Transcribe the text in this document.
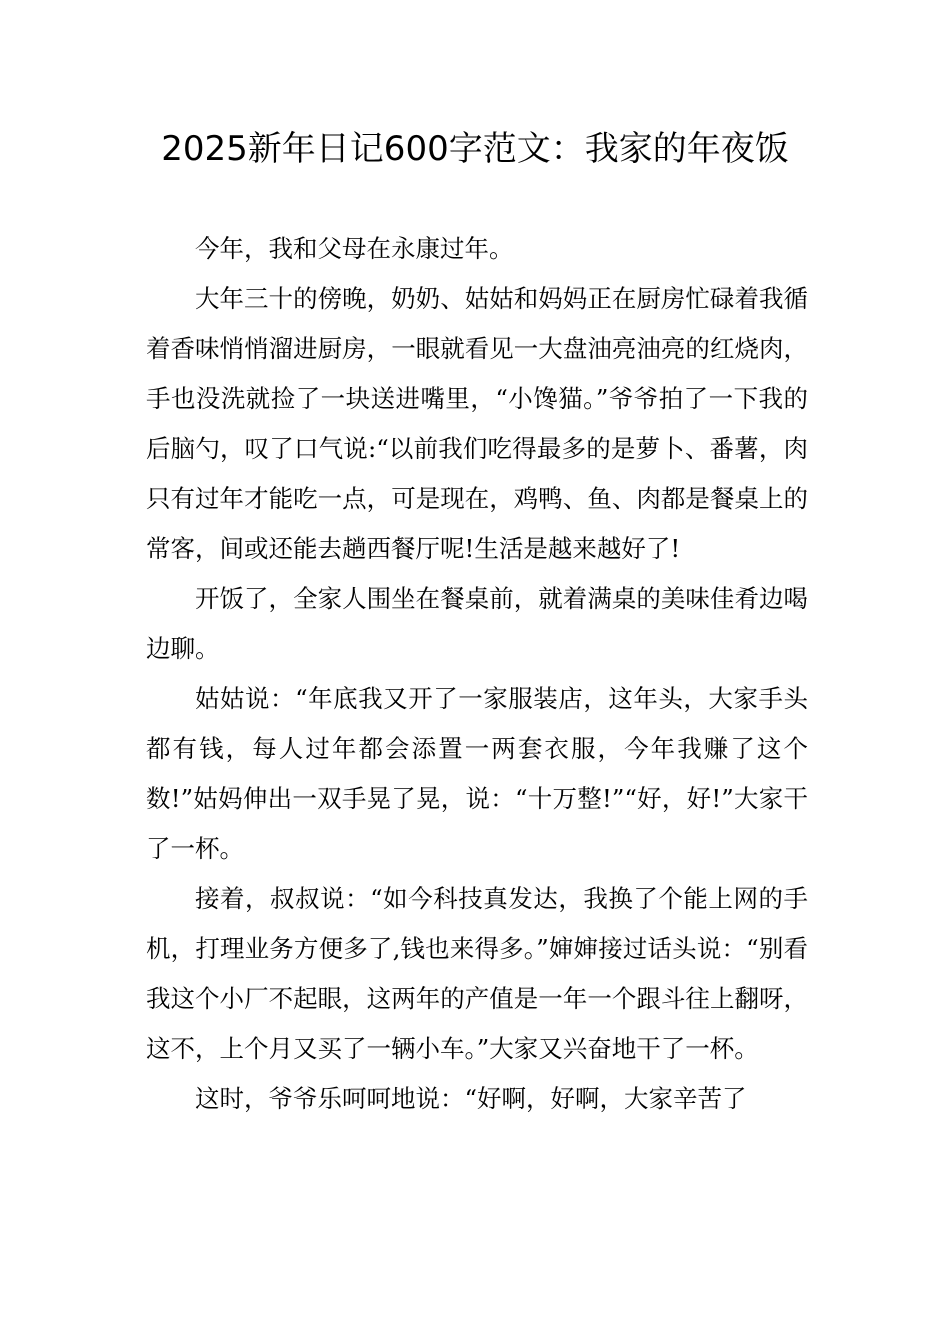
2025新年日记600字范文：我家的年夜饭

今年，我和父母在永康过年。

大年三十的傍晚，奶奶、姑姑和妈妈正在厨房忙碌着我循着香味悄悄溜进厨房，一眼就看见一大盘油亮油亮的红烧肉，手也没洗就捡了一块送进嘴里，“小馋猫。”爷爷拍了一下我的后脑勺，叹了口气说:“以前我们吃得最多的是萝卜、番薯，肉只有过年才能吃一点，可是现在，鸡鸭、鱼、肉都是餐桌上的常客，间或还能去趟西餐厅呢!生活是越来越好了!

开饭了，全家人围坐在餐桌前，就着满桌的美味佳肴边喝边聊。

姑姑说：“年底我又开了一家服装店，这年头，大家手头都有钱，每人过年都会添置一两套衣服，今年我赚了这个数!”姑妈伸出一双手晃了晃，说：“十万整!”“好，好!”大家干了一杯。

接着，叔叔说：“如今科技真发达，我换了个能上网的手机，打理业务方便多了,钱也来得多。”婶婶接过话头说：“别看我这个小厂不起眼，这两年的产值是一年一个跟斗往上翻呀，这不，上个月又买了一辆小车。”大家又兴奋地干了一杯。

这时，爷爷乐呵呵地说：“好啊，好啊，大家辛苦了
